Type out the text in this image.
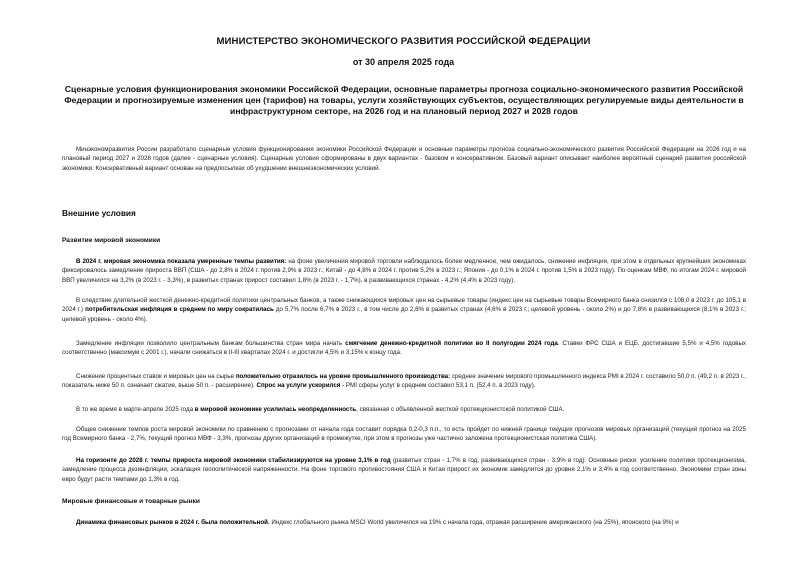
МИНИСТЕРСТВО ЭКОНОМИЧЕСКОГО РАЗВИТИЯ РОССИЙСКОЙ ФЕДЕРАЦИИ
от 30 апреля 2025 года
Сценарные условия функционирования экономики Российской Федерации, основные параметры прогноза социально-экономического развития Российской Федерации и прогнозируемые изменения цен (тарифов) на товары, услуги хозяйствующих субъектов, осуществляющих регулируемые виды деятельности в инфраструктурном секторе, на 2026 год и на плановый период 2027 и 2028 годов
Минэкономразвития России разработало сценарные условия функционирования экономики Российской Федерации и основные параметры прогноза социально-экономического развития Российской Федерации на 2026 год и на плановый период 2027 и 2028 годов (далее - сценарные условия). Сценарные условия сформированы в двух вариантах - базовом и консервативном. Базовый вариант описывает наиболее вероятный сценарий развития российской экономики. Консервативный вариант основан на предпосылках об ухудшении внешнеэкономических условий.
Внешние условия
Развитие мировой экономики
В 2024 г. мировая экономика показала умеренные темпы развития: на фоне увеличения мировой торговли наблюдалось более медленное, чем ожидалось, снижение инфляции, при этом в отдельных крупнейших экономиках фиксировалось замедление прироста ВВП (США - до 2,8% в 2024 г. против 2,9% в 2023 г.; Китай - до 4,8% в 2024 г. против 5,2% в 2023 г.; Япония - до 0,1% в 2024 г. против 1,5% в 2023 году). По оценкам МВФ, по итогам 2024 г. мировой ВВП увеличился на 3,2% (в 2023 г. - 3,3%), в развитых странах прирост составил 1,8% (в 2023 г. - 1,7%), в развивающихся странах - 4,2% (4,4% в 2023 году).
В следствие длительной жесткой денежно-кредитной политики центральных банков, а также снижающихся мировых цен на сырьевые товары (индекс цен на сырьевые товары Всемирного банка снизился с 108,0 в 2023 г. до 105,1 в 2024 г.) потребительская инфляция в среднем по миру сократилась до 5,7% после 6,7% в 2023 г., в том числе до 2,6% в развитых странах (4,6% в 2023 г.; целевой уровень - около 2%) и до 7,8% в развивающихся (8,1% в 2023 г.; целевой уровень - около 4%).
Замедление инфляции позволило центральным банкам большинства стран мира начать смягчение денежно-кредитной политики во II полугодии 2024 года. Ставки ФРС США и ЕЦБ, достигавшие 5,5% и 4,5% годовых соответственно (максимум с 2001 г.), начали снижаться в II-III кварталах 2024 г. и достигли 4,5% и 3,15% к концу года.
Снижение процентных ставок и мировых цен на сырье положительно отразилось на уровне промышленного производства: среднее значение мирового промышленного индекса PMI в 2024 г. составило 50,0 п. (49,2 п. в 2023 г., показатель ниже 50 п. означает сжатие, выше 50 п. - расширение). Спрос на услуги ускорился - PMI сферы услуг в среднем составил 53,1 п. (52,4 п. в 2023 году).
В то же время в марте-апреле 2025 года в мировой экономике усилилась неопределенность, связанная с объявленной жесткой протекционистской политикой США.
Общее снижение темпов роста мировой экономики по сравнению с прогнозами от начала года составит порядка 0,2-0,3 п.п., то есть пройдет по нижней границе текущих прогнозов мировых организаций (текущий прогноз на 2025 год Всемирного банка - 2,7%, текущий прогноз МВФ - 3,3%, прогнозы других организаций в промежутке, при этом в прогнозы уже частично заложена протекционистская политика США).
На горизонте до 2028 г. темпы прироста мировой экономики стабилизируются на уровне 3,1% в год (развитых стран - 1,7% в год, развивающихся стран - 3,9% в год). Основные риски: усиление политики протекционизма, замедление процесса дезинфляции, эскалация геополитической напряженности. На фоне торгового противостояния США и Китая прирост их экономик замедлится до уровня 2,1% и 3,4% в год соответственно. Экономики стран зоны евро будут расти темпами до 1,3% в год.
Мировые финансовые и товарные рынки
Динамика финансовых рынков в 2024 г. была положительной. Индекс глобального рынка MSCI World увеличился на 19% с начала года, отражая расширение американского (на 25%), японского (на 9%) и
